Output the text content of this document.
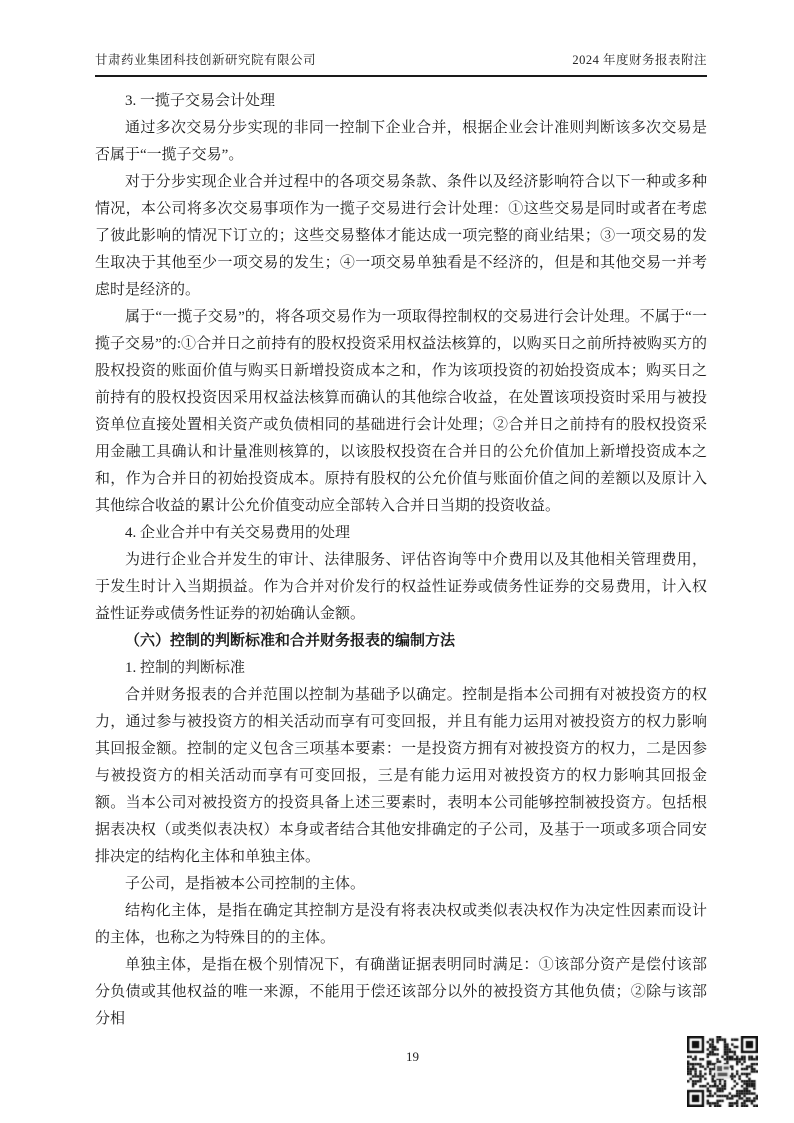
甘肃药业集团科技创新研究院有限公司	2024 年度财务报表附注

3. 一揽子交易会计处理

通过多次交易分步实现的非同一控制下企业合并，根据企业会计准则判断该多次交易是否属于“一揽子交易”。

对于分步实现企业合并过程中的各项交易条款、条件以及经济影响符合以下一种或多种情况，本公司将多次交易事项作为一揽子交易进行会计处理：①这些交易是同时或者在考虑了彼此影响的情况下订立的；这些交易整体才能达成一项完整的商业结果；③一项交易的发生取决于其他至少一项交易的发生；④一项交易单独看是不经济的，但是和其他交易一并考虑时是经济的。

属于“一揽子交易”的，将各项交易作为一项取得控制权的交易进行会计处理。不属于“一揽子交易”的:①合并日之前持有的股权投资采用权益法核算的，以购买日之前所持被购买方的股权投资的账面价值与购买日新增投资成本之和，作为该项投资的初始投资成本；购买日之前持有的股权投资因采用权益法核算而确认的其他综合收益，在处置该项投资时采用与被投资单位直接处置相关资产或负债相同的基础进行会计处理；②合并日之前持有的股权投资采用金融工具确认和计量准则核算的，以该股权投资在合并日的公允价值加上新增投资成本之和，作为合并日的初始投资成本。原持有股权的公允价值与账面价值之间的差额以及原计入其他综合收益的累计公允价值变动应全部转入合并日当期的投资收益。

4. 企业合并中有关交易费用的处理

为进行企业合并发生的审计、法律服务、评估咨询等中介费用以及其他相关管理费用，于发生时计入当期损益。作为合并对价发行的权益性证券或债务性证券的交易费用，计入权益性证券或债务性证券的初始确认金额。

（六）控制的判断标准和合并财务报表的编制方法

1. 控制的判断标准

合并财务报表的合并范围以控制为基础予以确定。控制是指本公司拥有对被投资方的权力，通过参与被投资方的相关活动而享有可变回报，并且有能力运用对被投资方的权力影响其回报金额。控制的定义包含三项基本要素：一是投资方拥有对被投资方的权力，二是因参与被投资方的相关活动而享有可变回报，三是有能力运用对被投资方的权力影响其回报金额。当本公司对被投资方的投资具备上述三要素时，表明本公司能够控制被投资方。包括根据表决权（或类似表决权）本身或者结合其他安排确定的子公司，及基于一项或多项合同安排决定的结构化主体和单独主体。

子公司，是指被本公司控制的主体。

结构化主体，是指在确定其控制方是没有将表决权或类似表决权作为决定性因素而设计的主体，也称之为特殊目的的主体。

单独主体，是指在极个别情况下，有确凿证据表明同时满足：①该部分资产是偿付该部分负债或其他权益的唯一来源，不能用于偿还该部分以外的被投资方其他负债；②除与该部分相

19
